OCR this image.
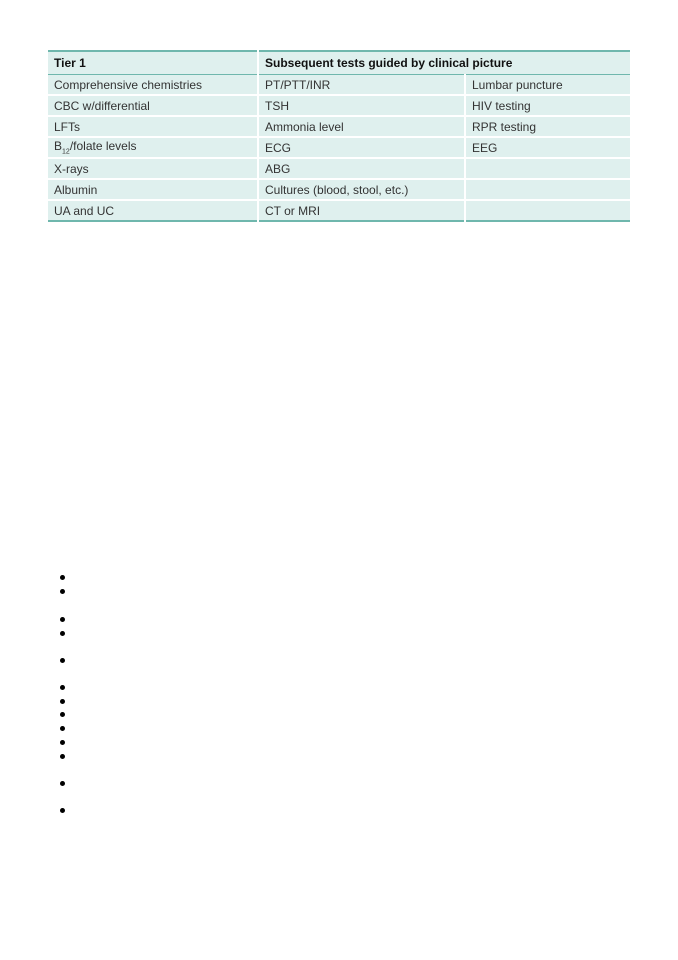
Tier 1	Subsequent tests guided by clinical picture	
Comprehensive chemistries	PT/PTT/INR	Lumbar puncture
CBC w/differential	TSH	HIV testing
LFTs	Ammonia level	RPR testing
$B_{12}$/folate levels	ECG	EEG
X-rays	ABG	
Albumin	Cultures (blood, stool, etc.)	
UA and UC	CT or MRI	
